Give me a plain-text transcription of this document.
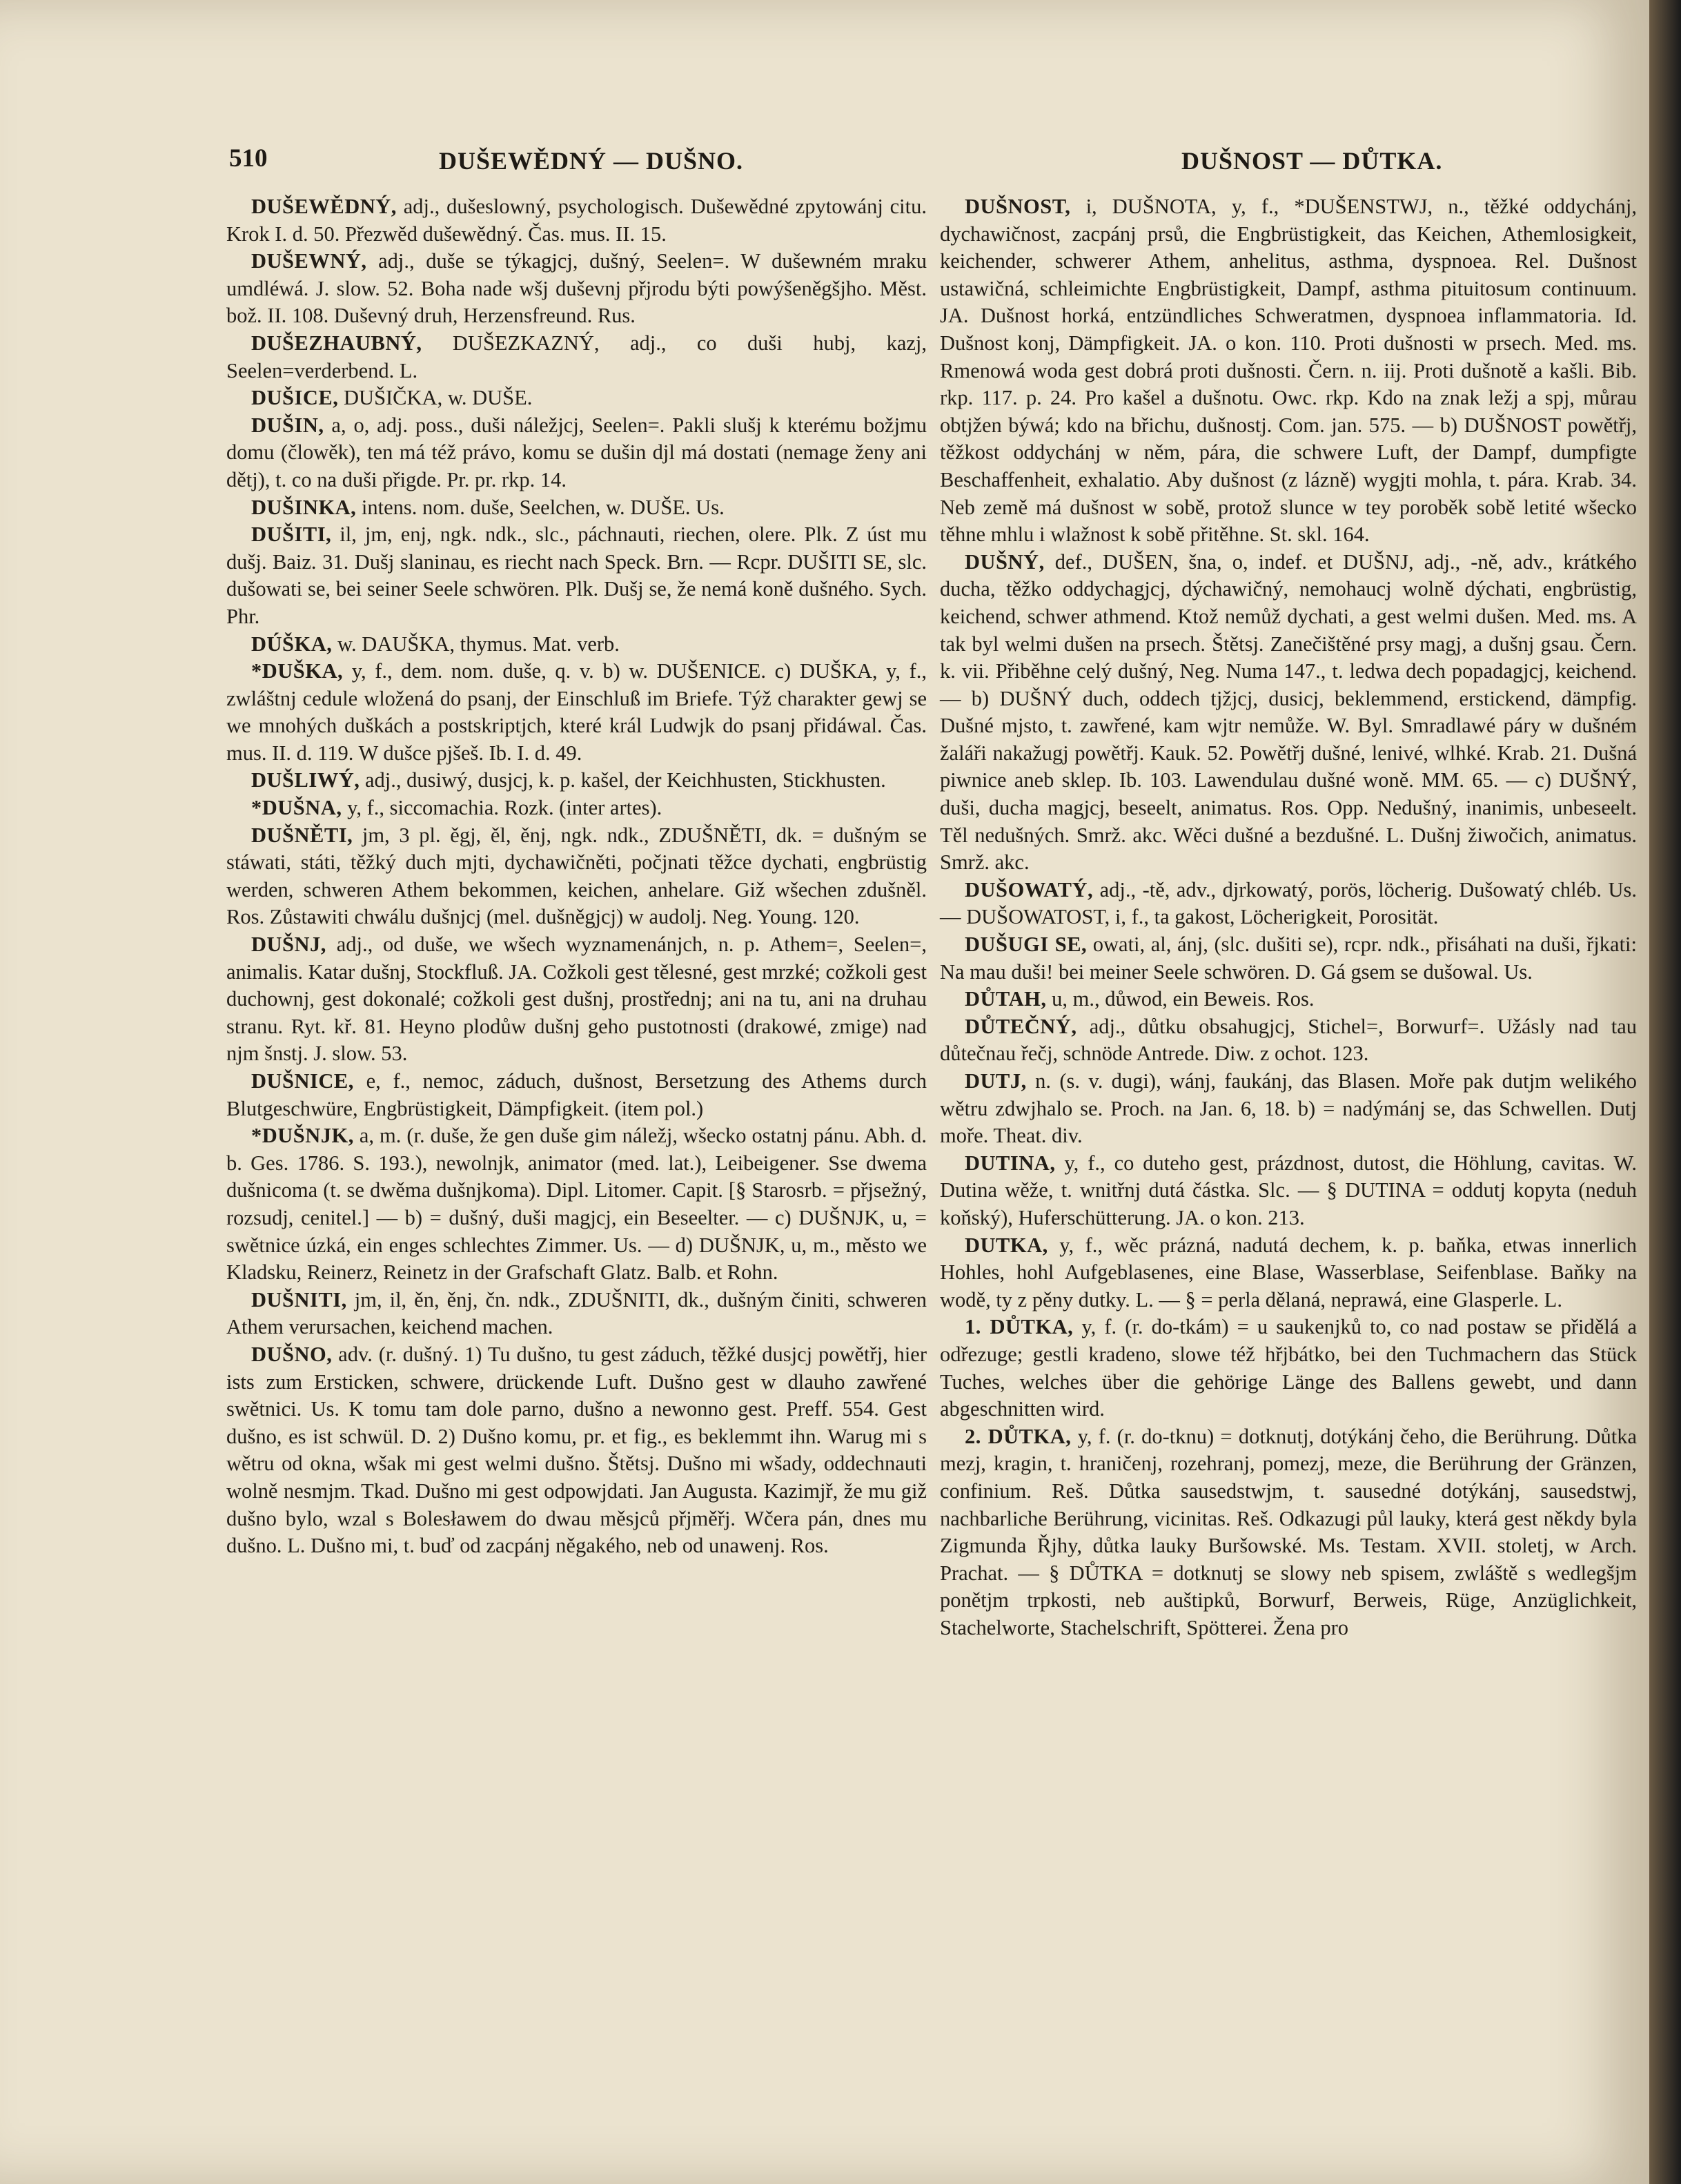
510	DUŠEWĚDNÝ — DUŠNO.	DUŠNOST — DŮTKA.

DUŠEWĚDNÝ, adj., dušeslowný, psychologisch. Dušewědné zpytowánj citu. Krok I. d. 50. Přezwěd dušewědný. Čas. mus. II. 15.

DUŠEWNÝ, adj., duše se týkagjcj, dušný, Seelen=. W dušewném mraku umdléwá. J. slow. 52. Boha nade wšj duševnj přjrodu býti powýšeněgšjho. Měst. bož. II. 108. Duševný druh, Herzensfreund. Rus.

DUŠEZHAUBNÝ, DUŠEZKAZNÝ, adj., co duši hubj, kazj, Seelen=verderbend. L.

DUŠICE, DUŠIČKA, w. DUŠE.

DUŠIN, a, o, adj. poss., duši náležjcj, Seelen=. Pakli slušj k kterému božjmu domu (člowěk), ten má též právo, komu se dušin djl má dostati (nemage ženy ani dětj), t. co na duši přigde. Pr. pr. rkp. 14.

DUŠINKA, intens. nom. duše, Seelchen, w. DUŠE. Us.

DUŠITI, il, jm, enj, ngk. ndk., slc., páchnauti, riechen, olere. Plk. Z úst mu dušj. Baiz. 31. Dušj slaninau, es riecht nach Speck. Brn. — Rcpr. DUŠITI SE, slc. dušowati se, bei seiner Seele schwören. Plk. Dušj se, že nemá koně dušného. Sych. Phr.

DÚŠKA, w. DAUŠKA, thymus. Mat. verb.

*DUŠKA, y, f., dem. nom. duše, q. v. b) w. DUŠENICE. c) DUŠKA, y, f., zwláštnj cedule wložená do psanj, der Einschluß im Briefe. Týž charakter gewj se we mnohých duškách a postskriptjch, které král Ludwjk do psanj přidáwal. Čas. mus. II. d. 119. W dušce pjšeš. Ib. I. d. 49.

DUŠLIWÝ, adj., dusiwý, dusjcj, k. p. kašel, der Keichhusten, Stickhusten.

*DUŠNA, y, f., siccomachia. Rozk. (inter artes).

DUŠNĚTI, jm, 3 pl. ěgj, ěl, ěnj, ngk. ndk., ZDUŠNĚTI, dk. = dušným se stáwati, státi, těžký duch mjti, dychawičněti, počjnati těžce dychati, engbrüstig werden, schweren Athem bekommen, keichen, anhelare. Giž wšechen zdušněl. Ros. Zůstawiti chwálu dušnjcj (mel. dušněgjcj) w audolj. Neg. Young. 120.

DUŠNJ, adj., od duše, we wšech wyznamenánjch, n. p. Athem=, Seelen=, animalis. Katar dušnj, Stockfluß. JA. Cožkoli gest tělesné, gest mrzké; cožkoli gest duchownj, gest dokonalé; cožkoli gest dušnj, prostřednj; ani na tu, ani na druhau stranu. Ryt. kř. 81. Heyno plodůw dušnj geho pustotnosti (drakowé, zmige) nad njm šnstj. J. slow. 53.

DUŠNICE, e, f., nemoc, záduch, dušnost, Bersetzung des Athems durch Blutgeschwüre, Engbrüstigkeit, Dämpfigkeit. (item pol.)

*DUŠNJK, a, m. (r. duše, že gen duše gim náležj, wšecko ostatnj pánu. Abh. d. b. Ges. 1786. S. 193.), newolnjk, animator (med. lat.), Leibeigener. Sse dwema dušnicoma (t. se dwěma dušnjkoma). Dipl. Litomer. Capit. [§ Starosrb. = přjsežný, rozsudj, cenitel.] — b) = dušný, duši magjcj, ein Beseelter. — c) DUŠNJK, u, = swětnice úzká, ein enges schlechtes Zimmer. Us. — d) DUŠNJK, u, m., město we Kladsku, Reinerz, Reinetz in der Grafschaft Glatz. Balb. et Rohn.

DUŠNITI, jm, il, ěn, ěnj, čn. ndk., ZDUŠNITI, dk., dušným činiti, schweren Athem verursachen, keichend machen.

DUŠNO, adv. (r. dušný. 1) Tu dušno, tu gest záduch, těžké dusjcj powětřj, hier ists zum Ersticken, schwere, drückende Luft. Dušno gest w dlauho zawřené swětnici. Us. K tomu tam dole parno, dušno a newonno gest. Preff. 554. Gest dušno, es ist schwül. D. 2) Dušno komu, pr. et fig., es beklemmt ihn. Warug mi s wětru od okna, wšak mi gest welmi dušno. Štětsj. Dušno mi wšady, oddechnauti wolně nesmjm. Tkad. Dušno mi gest odpowjdati. Jan Augusta. Kazimjř, že mu giž dušno bylo, wzal s Bolesławem do dwau měsjců přjměřj. Wčera pán, dnes mu dušno. L. Dušno mi, t. buď od zacpánj něgakého, neb od unawenj. Ros.

DUŠNOST, i, DUŠNOTA, y, f., *DUŠENSTWJ, n., těžké oddychánj, dychawičnost, zacpánj prsů, die Engbrüstigkeit, das Keichen, Athemlosigkeit, keichender, schwerer Athem, anhelitus, asthma, dyspnoea. Rel. Dušnost ustawičná, schleimichte Engbrüstigkeit, Dampf, asthma pituitosum continuum. JA. Dušnost horká, entzündliches Schweratmen, dyspnoea inflammatoria. Id. Dušnost konj, Dämpfigkeit. JA. o kon. 110. Proti dušnosti w prsech. Med. ms. Rmenowá woda gest dobrá proti dušnosti. Čern. n. iij. Proti dušnotě a kašli. Bib. rkp. 117. p. 24. Pro kašel a dušnotu. Owc. rkp. Kdo na znak ležj a spj, můrau obtjžen býwá; kdo na břichu, dušnostj. Com. jan. 575. — b) DUŠNOST powětřj, těžkost oddychánj w něm, pára, die schwere Luft, der Dampf, dumpfigte Beschaffenheit, exhalatio. Aby dušnost (z lázně) wygjti mohla, t. pára. Krab. 34. Neb země má dušnost w sobě, protož slunce w tey poroběk sobě letité wšecko těhne mhlu i wlažnost k sobě přitěhne. St. skl. 164.

DUŠNÝ, def., DUŠEN, šna, o, indef. et DUŠNJ, adj., -ně, adv., krátkého ducha, těžko oddychagjcj, dýchawičný, nemohaucj wolně dýchati, engbrüstig, keichend, schwer athmend. Ktož nemůž dychati, a gest welmi dušen. Med. ms. A tak byl welmi dušen na prsech. Štětsj. Zanečištěné prsy magj, a dušnj gsau. Čern. k. vii. Přiběhne celý dušný, Neg. Numa 147., t. ledwa dech popadagjcj, keichend. — b) DUŠNÝ duch, oddech tjžjcj, dusicj, beklemmend, erstickend, dämpfig. Dušné mjsto, t. zawřené, kam wjtr nemůže. W. Byl. Smradlawé páry w dušném žaláři nakažugj powětřj. Kauk. 52. Powětřj dušné, lenivé, wlhké. Krab. 21. Dušná piwnice aneb sklep. Ib. 103. Lawendulau dušné woně. MM. 65. — c) DUŠNÝ, duši, ducha magjcj, beseelt, animatus. Ros. Opp. Nedušný, inanimis, unbeseelt. Těl nedušných. Smrž. akc. Wěci dušné a bezdušné. L. Dušnj žiwočich, animatus. Smrž. akc.

DUŠOWATÝ, adj., -tě, adv., djrkowatý, porös, löcherig. Dušowatý chléb. Us. — DUŠOWATOST, i, f., ta gakost, Löcherigkeit, Porosität.

DUŠUGI SE, owati, al, ánj, (slc. dušiti se), rcpr. ndk., přisáhati na duši, řjkati: Na mau duši! bei meiner Seele schwören. D. Gá gsem se dušowal. Us.

DŮTAH, u, m., důwod, ein Beweis. Ros.

DŮTEČNÝ, adj., důtku obsahugjcj, Stichel=, Borwurf=. Užásly nad tau důtečnau řečj, schnöde Antrede. Diw. z ochot. 123.

DUTJ, n. (s. v. dugi), wánj, faukánj, das Blasen. Moře pak dutjm welikého wětru zdwjhalo se. Proch. na Jan. 6, 18. b) = nadýmánj se, das Schwellen. Dutj moře. Theat. div.

DUTINA, y, f., co duteho gest, prázdnost, dutost, die Höhlung, cavitas. W. Dutina wěže, t. wnitřnj dutá částka. Slc. — § DUTINA = oddutj kopyta (neduh koňský), Huferschütterung. JA. o kon. 213.

DUTKA, y, f., wěc prázná, nadutá dechem, k. p. baňka, etwas innerlich Hohles, hohl Aufgeblasenes, eine Blase, Wasserblase, Seifenblase. Baňky na wodě, ty z pěny dutky. L. — § = perla dělaná, neprawá, eine Glasperle. L.

1. DŮTKA, y, f. (r. do-tkám) = u saukenjků to, co nad postaw se přidělá a odřezuge; gestli kradeno, slowe též hřjbátko, bei den Tuchmachern das Stück Tuches, welches über die gehörige Länge des Ballens gewebt, und dann abgeschnitten wird.

2. DŮTKA, y, f. (r. do-tknu) = dotknutj, dotýkánj čeho, die Berührung. Důtka mezj, kragin, t. hraničenj, rozehranj, pomezj, meze, die Berührung der Gränzen, confinium. Reš. Důtka sausedstwjm, t. sausedné dotýkánj, sausedstwj, nachbarliche Berührung, vicinitas. Reš. Odkazugi půl lauky, která gest někdy byla Zigmunda Řjhy, důtka lauky Buršowské. Ms. Testam. XVII. stoletj, w Arch. Prachat. — § DŮTKA = dotknutj se slowy neb spisem, zwláště s wedlegšjm ponětjm trpkosti, neb auštipků, Borwurf, Berweis, Rüge, Anzüglichkeit, Stachelworte, Stachelschrift, Spötterei. Žena pro
